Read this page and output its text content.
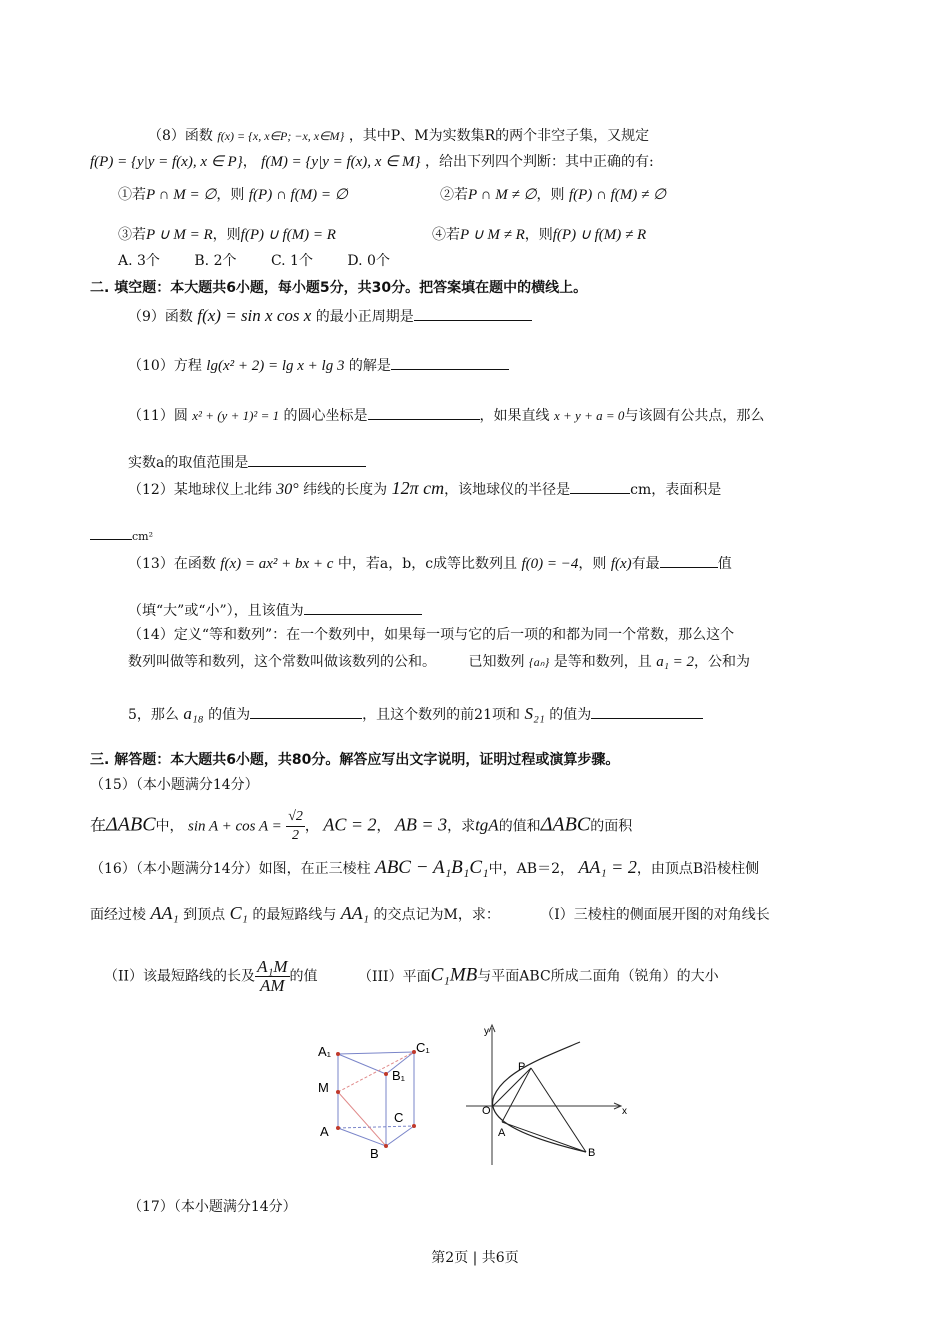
（8）函数 f(x) = {x, x∈P; −x, x∈M} ，其中P、M为实数集R的两个非空子集，又规定
f(P) = {y|y = f(x), x ∈ P}， f(M) = {y|y = f(x), x ∈ M} ，给出下列四个判断：其中正确的有:
①若P ∩ M = ∅，则 f(P) ∩ f(M) = ∅	②若P ∩ M ≠ ∅，则 f(P) ∩ f(M) ≠ ∅
③若P ∪ M = R，则f(P) ∪ f(M) = R	④若P ∪ M ≠ R，则f(P) ∪ f(M) ≠ R
A. 3个 B. 2个 C. 1个 D. 0个
二. 填空题：本大题共6小题，每小题5分，共30分。把答案填在题中的横线上。
（9）函数 f(x) = sin x cos x 的最小正周期是
（10）方程 lg(x² + 2) = lg x + lg 3 的解是
（11）圆 x² + (y + 1)² = 1 的圆心坐标是	，如果直线 x + y + a = 0与该圆有公共点，那么
实数a的取值范围是
（12）某地球仪上北纬 30° 纬线的长度为 12π cm，该地球仪的半径是	cm，表面积是
cm²
（13）在函数 f(x) = ax² + bx + c 中，若a，b，c成等比数列且 f(0) = −4，则 f(x)有最	值
（填“大”或“小”），且该值为
（14）定义“等和数列”：在一个数列中，如果每一项与它的后一项的和都为同一个常数，那么这个
数列叫做等和数列，这个常数叫做该数列的公和。 已知数列 {aₙ} 是等和数列，且 a₁ = 2，公和为
5，那么 a₁₈ 的值为	，且这个数列的前21项和 S₂₁ 的值为
三. 解答题：本大题共6小题，共80分。解答应写出文字说明，证明过程或演算步骤。
（15）（本小题满分14分）
在ΔABC中， $\sin A + \cos A = \frac{√2}{2}$ ， AC = 2， AB = 3，求tgA的值和ΔABC的面积
（16）（本小题满分14分）如图，在正三棱柱 ABC − A₁B₁C₁中，AB＝2， AA₁ = 2，由顶点B沿棱柱侧
面经过棱 AA₁ 到顶点 C₁ 的最短路线与 AA₁ 的交点记为M，求：	（I）三棱柱的侧面展开图的对角线长
（II）该最短路线的长及 $\frac{\text{A₁M}}{AM}$ 的值	（III）平面C₁MB与平面ABC所成二面角（锐角）的大小
A₁	C₁
B₁
M
C
A
B
y
x
O
P
A
B
（17）（本小题满分14分）
第2页 | 共6页
